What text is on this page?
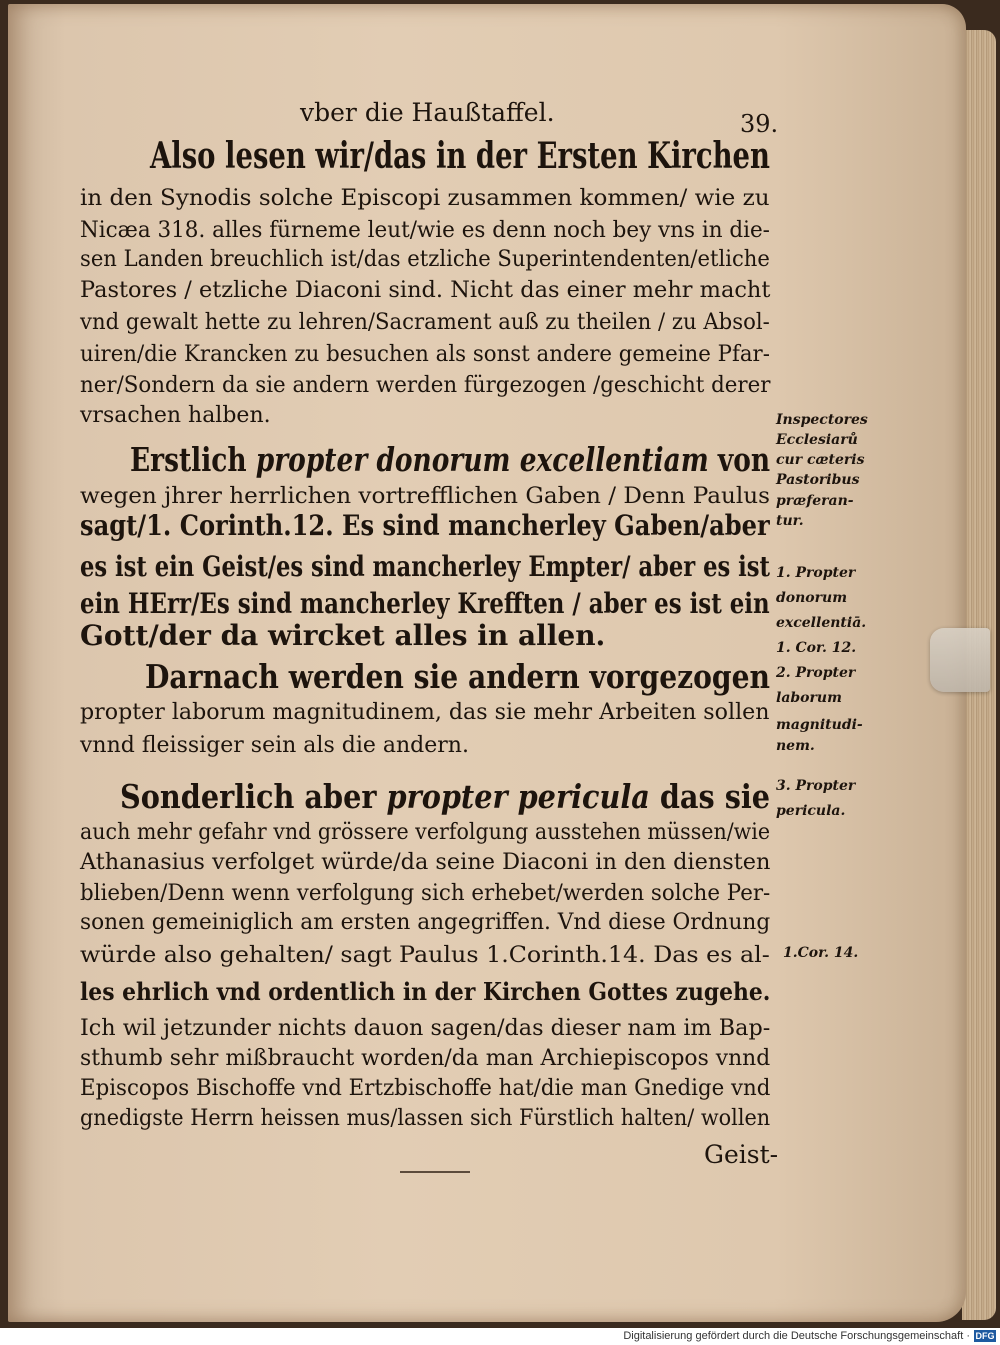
vber die Haußtaffel.	39.
Also lesen wir/das in der Ersten Kirchen
in den Synodis solche Episcopi zusammen kommen/ wie zu
Nicæa 318. alles fürneme leut/wie es denn noch bey vns in die-
sen Landen breuchlich ist/das etzliche Superintendenten/etliche
Pastores / etzliche Diaconi sind. Nicht das einer mehr macht
vnd gewalt hette zu lehren/Sacrament auß zu theilen / zu Absol-
uiren/die Krancken zu besuchen als sonst andere gemeine Pfar-
ner/Sondern da sie andern werden fürgezogen /geschicht derer
vrsachen halben.
Erstlich propter donorum excellentiam von
wegen jhrer herrlichen vortrefflichen Gaben / Denn Paulus
sagt/1. Corinth.12. Es sind mancherley Gaben/aber
es ist ein Geist/es sind mancherley Empter/ aber es ist
ein HErr/Es sind mancherley Krefften / aber es ist ein
Gott/der da wircket alles in allen.
Darnach werden sie andern vorgezogen
propter laborum magnitudinem, das sie mehr Arbeiten sollen
vnnd fleissiger sein als die andern.
Sonderlich aber propter pericula das sie
auch mehr gefahr vnd grössere verfolgung ausstehen müssen/wie
Athanasius verfolget würde/da seine Diaconi in den diensten
blieben/Denn wenn verfolgung sich erhebet/werden solche Per-
sonen gemeiniglich am ersten angegriffen. Vnd diese Ordnung
würde also gehalten/ sagt Paulus 1.Corinth.14. Das es al-
les ehrlich vnd ordentlich in der Kirchen Gottes zugehe.
Ich wil jetzunder nichts dauon sagen/das dieser nam im Bap-
sthumb sehr mißbraucht worden/da man Archiepiscopos vnnd
Episcopos Bischoffe vnd Ertzbischoffe hat/die man Gnedige vnd
gnedigste Herrn heissen mus/lassen sich Fürstlich halten/ wollen
Inspectores
Ecclesiarů
cur cæteris
Pastoribus
præferan-
tur.
1. Propter
donorum
excellentiā.
1. Cor. 12.
2. Propter
laborum
magnitudi-
nem.
3. Propter
pericula.
1.Cor. 14.
Geist-
Digitalisierung gefördert durch die Deutsche Forschungsgemeinschaft · DFG
